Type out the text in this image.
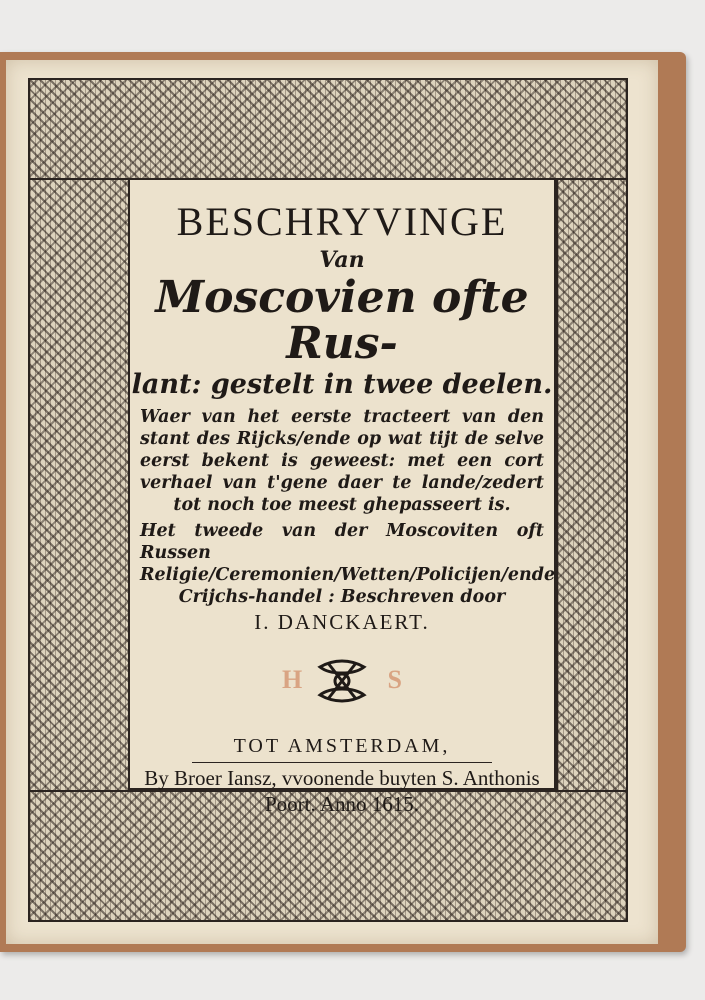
BESCHRYVINGE
Van
Moscovien ofte Rus-
lant: gestelt in twee deelen.
Waer van het eerste tracteert van den stant des Rijcks/ende op wat tijt de selve eerst bekent is geweest: met een cort verhael van t'gene daer te lande/zedert tot noch toe meest ghepasseert is.
Het tweede van der Moscoviten oft Russen Religie/Ceremonien/Wetten/Policijen/ende Crijchs-handel : Beschreven door
I. DANCKAERT.
H	S
TOT AMSTERDAM,
By Broer Iansz, vvoonende buyten S. Anthonis Poort. Anno 1615.
